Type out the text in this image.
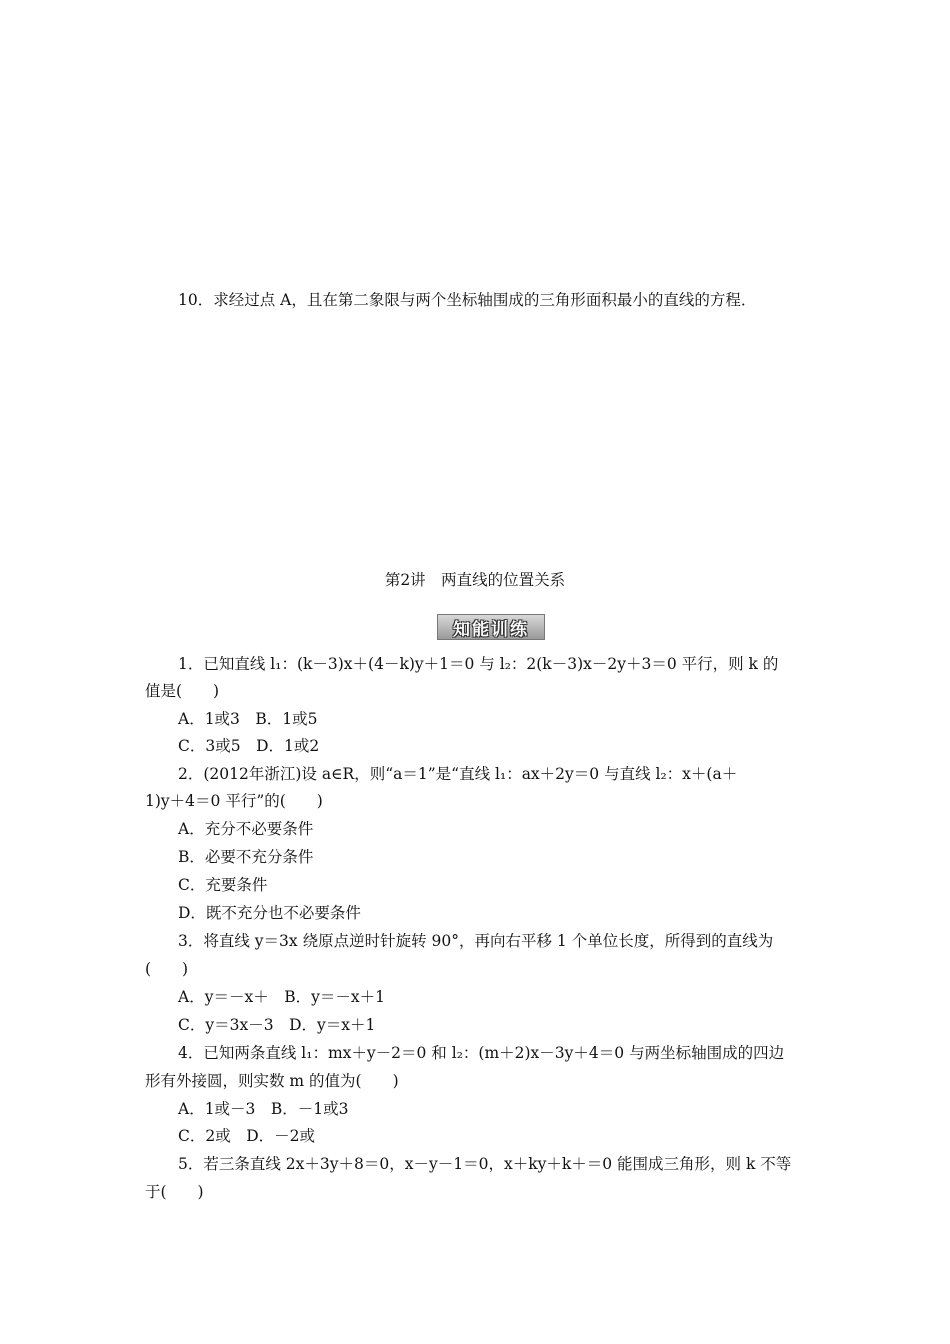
10．求经过点 A，且在第二象限与两个坐标轴围成的三角形面积最小的直线的方程．
第2讲　两直线的位置关系
知能训练
1．已知直线 l₁：(k－3)x＋(4－k)y＋1＝0 与 l₂：2(k－3)x－2y＋3＝0 平行，则 k 的
值是(　　)
A．1或3　B．1或5
C．3或5　D．1或2
2．(2012年浙江)设 a∈R，则“a＝1”是“直线 l₁：ax＋2y＝0 与直线 l₂：x＋(a＋
1)y＋4＝0 平行”的(　　)
A．充分不必要条件
B．必要不充分条件
C．充要条件
D．既不充分也不必要条件
3．将直线 y＝3x 绕原点逆时针旋转 90°，再向右平移 1 个单位长度，所得到的直线为
(　　)
A．y＝－x＋　B．y＝－x＋1
C．y＝3x－3　D．y＝x＋1
4．已知两条直线 l₁：mx＋y－2＝0 和 l₂：(m＋2)x－3y＋4＝0 与两坐标轴围成的四边
形有外接圆，则实数 m 的值为(　　)
A．1或－3　B．－1或3
C．2或　D．－2或
5．若三条直线 2x＋3y＋8＝0，x－y－1＝0，x＋ky＋k＋＝0 能围成三角形，则 k 不等
于(　　)
